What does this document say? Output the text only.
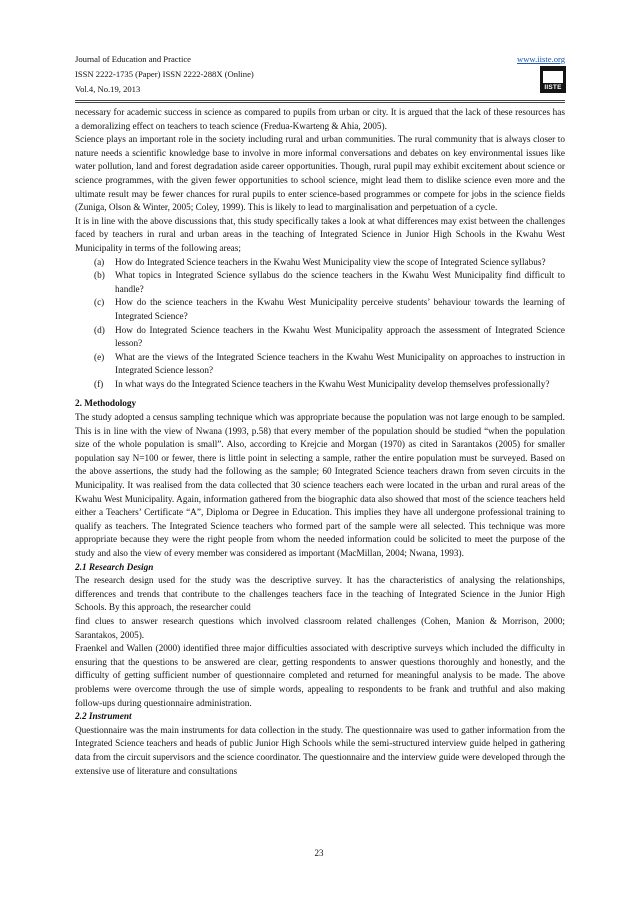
Journal of Education and Practice
ISSN 2222-1735 (Paper) ISSN 2222-288X (Online)
Vol.4, No.19, 2013
www.iiste.org
IISTE

necessary for academic success in science as compared to pupils from urban or city. It is argued that the lack of these resources has a demoralizing effect on teachers to teach science (Fredua-Kwarteng & Ahia, 2005).

Science plays an important role in the society including rural and urban communities. The rural community that is always closer to nature needs a scientific knowledge base to involve in more informal conversations and debates on key environmental issues like water pollution, land and forest degradation aside career opportunities. Though, rural pupil may exhibit excitement about science or science programmes, with the given fewer opportunities to school science, might lead them to dislike science even more and the ultimate result may be fewer chances for rural pupils to enter science-based programmes or compete for jobs in the science fields (Zuniga, Olson & Winter, 2005; Coley, 1999). This is likely to lead to marginalisation and perpetuation of a cycle.

It is in line with the above discussions that, this study specifically takes a look at what differences may exist between the challenges faced by teachers in rural and urban areas in the teaching of Integrated Science in Junior High Schools in the Kwahu West Municipality in terms of the following areas;

(a) How do Integrated Science teachers in the Kwahu West Municipality view the scope of Integrated Science syllabus?
(b) What topics in Integrated Science syllabus do the science teachers in the Kwahu West Municipality find difficult to handle?
(c) How do the science teachers in the Kwahu West Municipality perceive students’ behaviour towards the learning of Integrated Science?
(d) How do Integrated Science teachers in the Kwahu West Municipality approach the assessment of Integrated Science lesson?
(e) What are the views of the Integrated Science teachers in the Kwahu West Municipality on approaches to instruction in Integrated Science lesson?
(f) In what ways do the Integrated Science teachers in the Kwahu West Municipality develop themselves professionally?
2. Methodology

The study adopted a census sampling technique which was appropriate because the population was not large enough to be sampled. This is in line with the view of Nwana (1993, p.58) that every member of the population should be studied “when the population size of the whole population is small”. Also, according to Krejcie and Morgan (1970) as cited in Sarantakos (2005) for smaller population say N=100 or fewer, there is little point in selecting a sample, rather the entire population must be surveyed. Based on the above assertions, the study had the following as the sample; 60 Integrated Science teachers drawn from seven circuits in the Municipality. It was realised from the data collected that 30 science teachers each were located in the urban and rural areas of the Kwahu West Municipality. Again, information gathered from the biographic data also showed that most of the science teachers held either a Teachers’ Certificate “A”, Diploma or Degree in Education. This implies they have all undergone professional training to qualify as teachers. The Integrated Science teachers who formed part of the sample were all selected. This technique was more appropriate because they were the right people from whom the needed information could be solicited to meet the purpose of the study and also the view of every member was considered as important (MacMillan, 2004; Nwana, 1993).

2.1 Research Design

The research design used for the study was the descriptive survey. It has the characteristics of analysing the relationships, differences and trends that contribute to the challenges teachers face in the teaching of Integrated Science in the Junior High Schools. By this approach, the researcher could

find clues to answer research questions which involved classroom related challenges (Cohen, Manion & Morrison, 2000; Sarantakos, 2005).

Fraenkel and Wallen (2000) identified three major difficulties associated with descriptive surveys which included the difficulty in ensuring that the questions to be answered are clear, getting respondents to answer questions thoroughly and honestly, and the difficulty of getting sufficient number of questionnaire completed and returned for meaningful analysis to be made. The above problems were overcome through the use of simple words, appealing to respondents to be frank and truthful and also making follow-ups during questionnaire administration.

2.2 Instrument

Questionnaire was the main instruments for data collection in the study. The questionnaire was used to gather information from the Integrated Science teachers and heads of public Junior High Schools while the semi-structured interview guide helped in gathering data from the circuit supervisors and the science coordinator. The questionnaire and the interview guide were developed through the extensive use of literature and consultations

23
